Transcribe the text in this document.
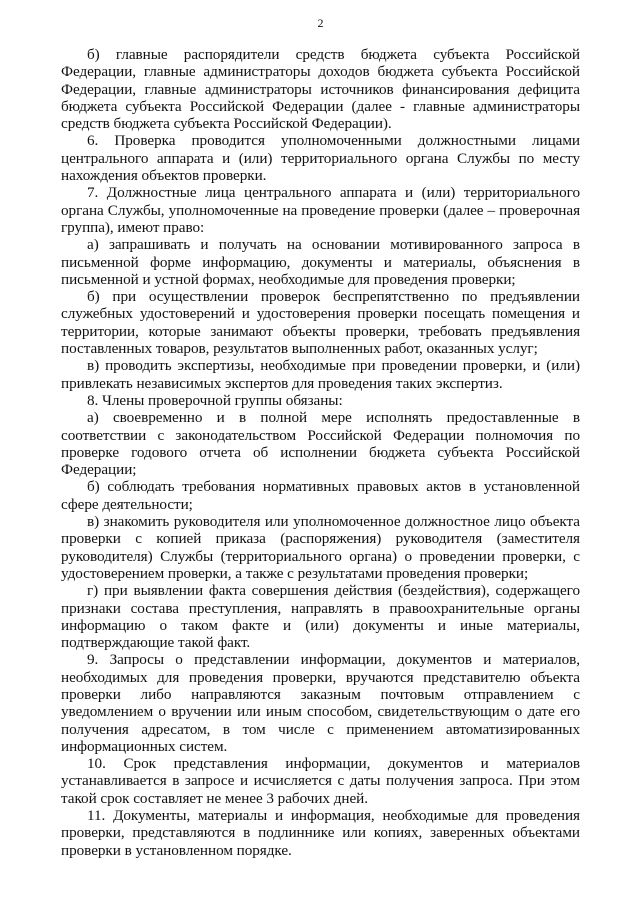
2

б) главные распорядители средств бюджета субъекта Российской Федерации, главные администраторы доходов бюджета субъекта Российской Федерации, главные администраторы источников финансирования дефицита бюджета субъекта Российской Федерации (далее - главные администраторы средств бюджета субъекта Российской Федерации).

6. Проверка проводится уполномоченными должностными лицами центрального аппарата и (или) территориального органа Службы по месту нахождения объектов проверки.

7. Должностные лица центрального аппарата и (или) территориального органа Службы, уполномоченные на проведение проверки (далее – проверочная группа), имеют право:

а) запрашивать и получать на основании мотивированного запроса в письменной форме информацию, документы и материалы, объяснения в письменной и устной формах, необходимые для проведения проверки;

б) при осуществлении проверок беспрепятственно по предъявлении служебных удостоверений и удостоверения проверки посещать помещения и территории, которые занимают объекты проверки, требовать предъявления поставленных товаров, результатов выполненных работ, оказанных услуг;

в) проводить экспертизы, необходимые при проведении проверки, и (или) привлекать независимых экспертов для проведения таких экспертиз.

8. Члены проверочной группы обязаны:

а) своевременно и в полной мере исполнять предоставленные в соответствии с законодательством Российской Федерации полномочия по проверке годового отчета об исполнении бюджета субъекта Российской Федерации;

б) соблюдать требования нормативных правовых актов в установленной сфере деятельности;

в) знакомить руководителя или уполномоченное должностное лицо объекта проверки с копией приказа (распоряжения) руководителя (заместителя руководителя) Службы (территориального органа) о проведении проверки, с удостоверением проверки, а также с результатами проведения проверки;

г) при выявлении факта совершения действия (бездействия), содержащего признаки состава преступления, направлять в правоохранительные органы информацию о таком факте и (или) документы и иные материалы, подтверждающие такой факт.

9. Запросы о представлении информации, документов и материалов, необходимых для проведения проверки, вручаются представителю объекта проверки либо направляются заказным почтовым отправлением с уведомлением о вручении или иным способом, свидетельствующим о дате его получения адресатом, в том числе с применением автоматизированных информационных систем.

10. Срок представления информации, документов и материалов устанавливается в запросе и исчисляется с даты получения запроса. При этом такой срок составляет не менее 3 рабочих дней.

11. Документы, материалы и информация, необходимые для проведения проверки, представляются в подлиннике или копиях, заверенных объектами проверки в установленном порядке.
